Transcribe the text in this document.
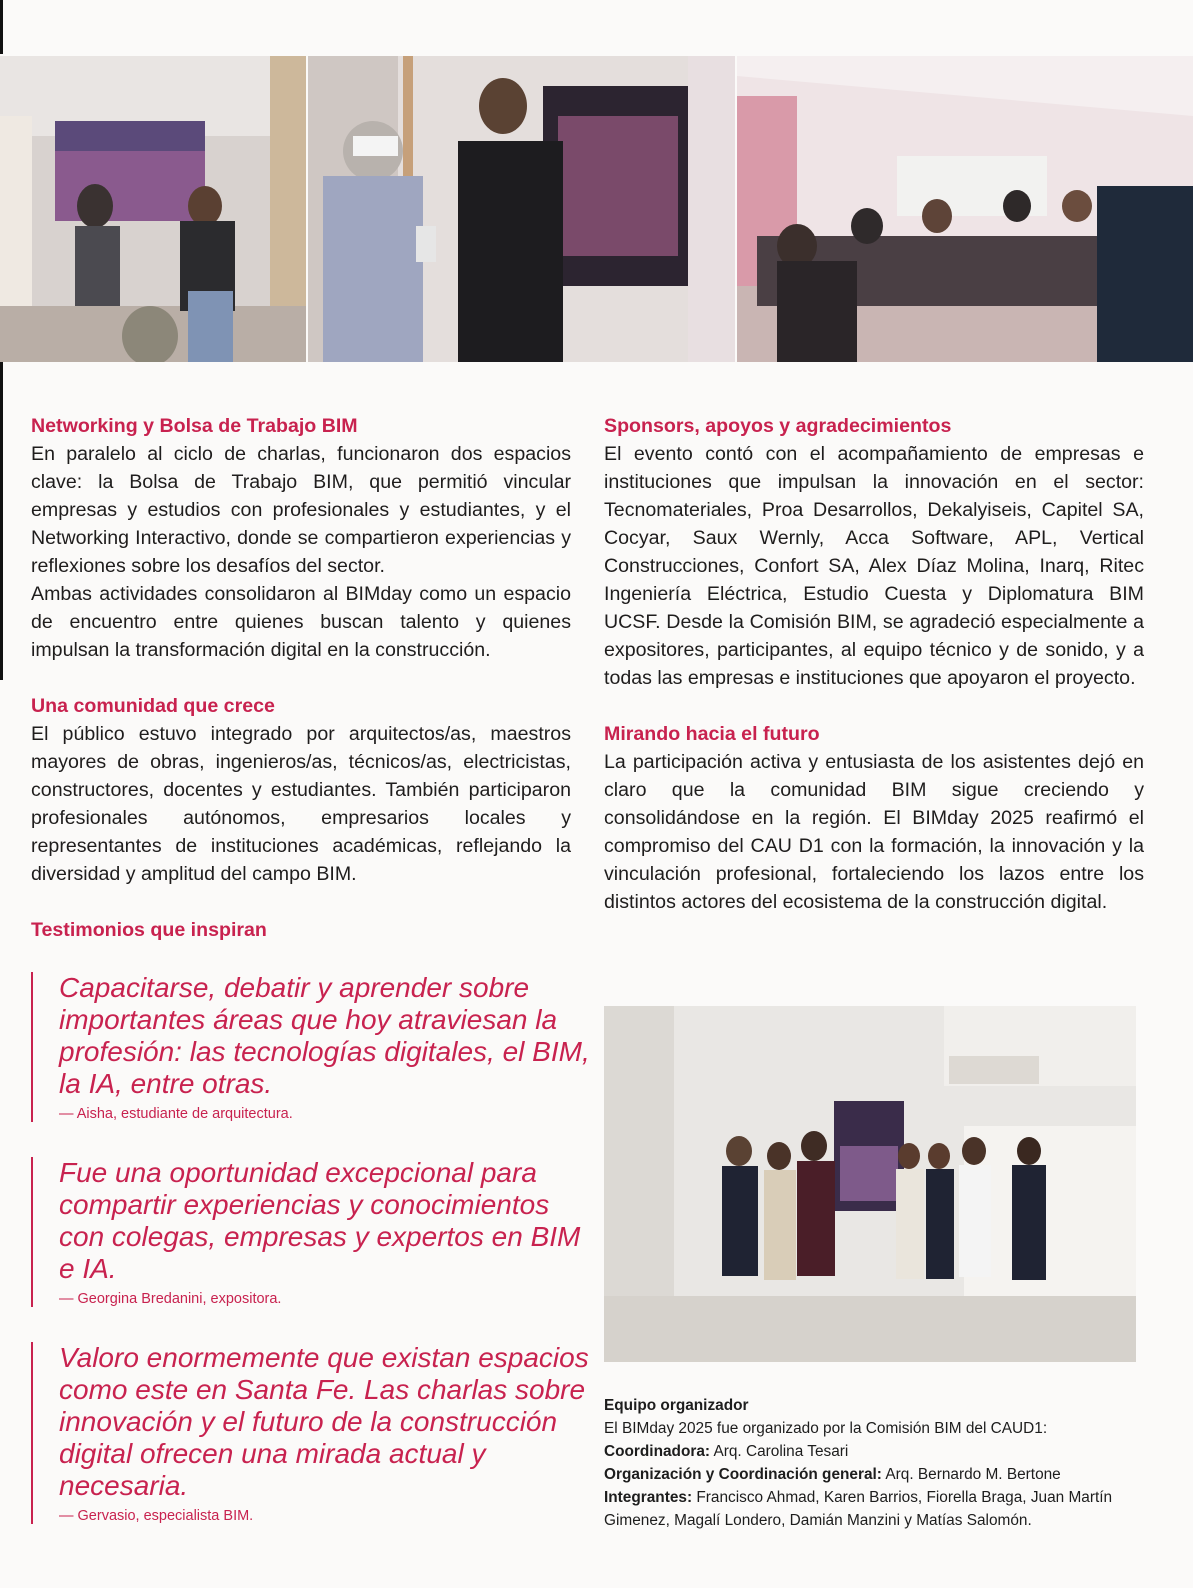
Networking y Bolsa de Trabajo BIM

En paralelo al ciclo de charlas, funcionaron dos espacios clave: la Bolsa de Trabajo BIM, que permitió vincular empresas y estudios con profesionales y estudiantes, y el Networking Interactivo, donde se compartieron experiencias y reflexiones sobre los desafíos del sector.

Ambas actividades consolidaron al BIMday como un espacio de encuentro entre quienes buscan talento y quienes impulsan la transformación digital en la construcción.

Una comunidad que crece

El público estuvo integrado por arquitectos/as, maestros mayores de obras, ingenieros/as, técnicos/as, electricistas, constructores, docentes y estudiantes. También participaron profesionales autónomos, empresarios locales y representantes de instituciones académicas, reflejando la diversidad y amplitud del campo BIM.

Testimonios que inspiran
Sponsors, apoyos y agradecimientos

El evento contó con el acompañamiento de empresas e instituciones que impulsan la innovación en el sector: Tecnomateriales, Proa Desarrollos, Dekalyiseis, Capitel SA, Cocyar, Saux Wernly, Acca Software, APL, Vertical Construcciones, Confort SA, Alex Díaz Molina, Inarq, Ritec Ingeniería Eléctrica, Estudio Cuesta y Diplomatura BIM UCSF. Desde la Comisión BIM, se agradeció especialmente a expositores, participantes, al equipo técnico y de sonido, y a todas las empresas e instituciones que apoyaron el proyecto.

Mirando hacia el futuro

La participación activa y entusiasta de los asistentes dejó en claro que la comunidad BIM sigue creciendo y consolidándose en la región. El BIMday 2025 reafirmó el compromiso del CAU D1 con la formación, la innovación y la vinculación profesional, fortaleciendo los lazos entre los distintos actores del ecosistema de la construcción digital.

Capacitarse, debatir y aprender sobre importantes áreas que hoy atraviesan la profesión: las tecnologías digitales, el BIM, la IA, entre otras.

— Aisha, estudiante de arquitectura.

Fue una oportunidad excepcional para compartir experiencias y conocimientos con colegas, empresas y expertos en BIM e IA.

— Georgina Bredanini, expositora.

Valoro enormemente que existan espacios como este en Santa Fe. Las charlas sobre innovación y el futuro de la construcción digital ofrecen una mirada actual y necesaria.

— Gervasio, especialista BIM.
Equipo organizador
El BIMday 2025 fue organizado por la Comisión BIM del CAUD1:
Coordinadora: Arq. Carolina Tesari
Organización y Coordinación general: Arq. Bernardo M. Bertone
Integrantes: Francisco Ahmad, Karen Barrios, Fiorella Braga, Juan Martín Gimenez, Magalí Londero, Damián Manzini y Matías Salomón.
